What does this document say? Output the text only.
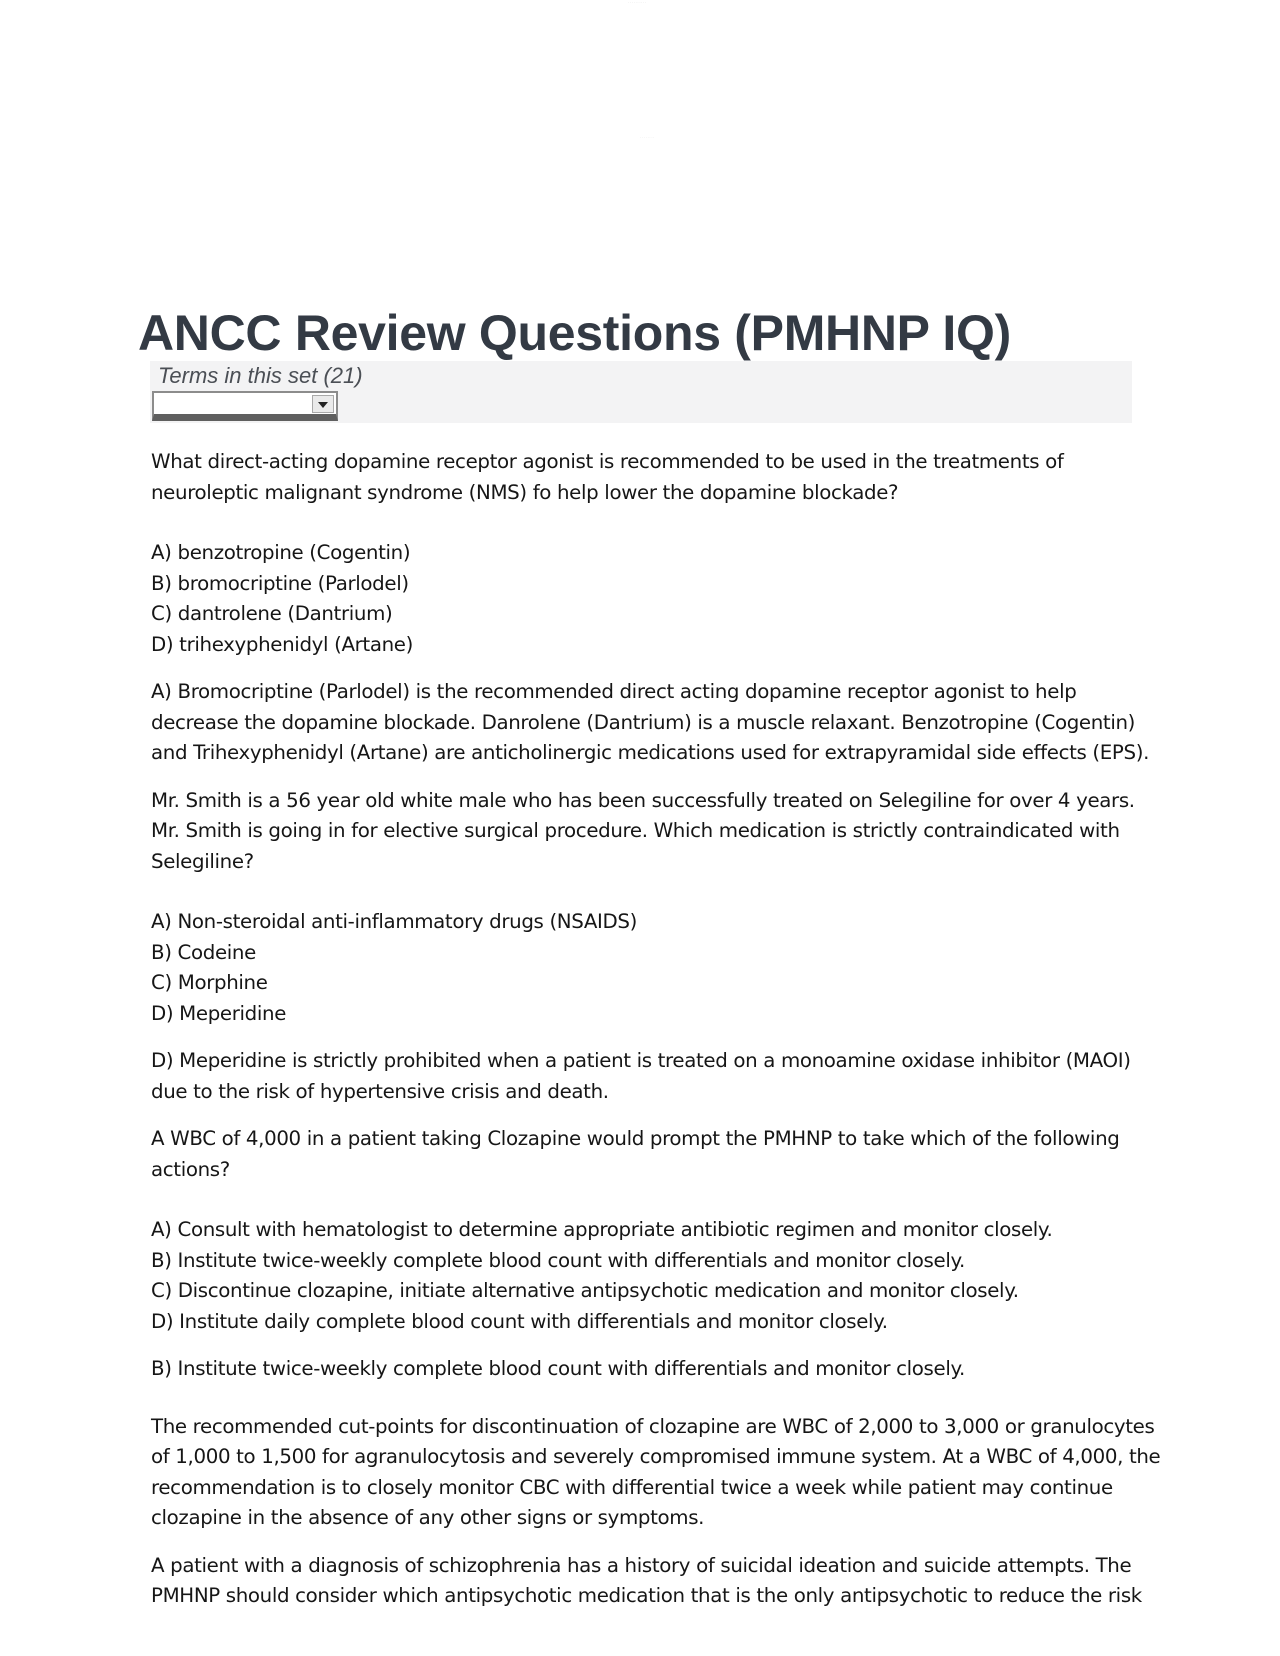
· · · · · · · · · ·
· · · · · · · ·
ANCC Review Questions (PMHNP IQ)
Terms in this set (21)
What direct-acting dopamine receptor agonist is recommended to be used in the treatments of
neuroleptic malignant syndrome (NMS) fo help lower the dopamine blockade?
A) benzotropine (Cogentin)
B) bromocriptine (Parlodel)
C) dantrolene (Dantrium)
D) trihexyphenidyl (Artane)
A) Bromocriptine (Parlodel) is the recommended direct acting dopamine receptor agonist to help
decrease the dopamine blockade. Danrolene (Dantrium) is a muscle relaxant. Benzotropine (Cogentin)
and Trihexyphenidyl (Artane) are anticholinergic medications used for extrapyramidal side effects (EPS).
Mr. Smith is a 56 year old white male who has been successfully treated on Selegiline for over 4 years.
Mr. Smith is going in for elective surgical procedure. Which medication is strictly contraindicated with
Selegiline?
A) Non-steroidal anti-inflammatory drugs (NSAIDS)
B) Codeine
C) Morphine
D) Meperidine
D) Meperidine is strictly prohibited when a patient is treated on a monoamine oxidase inhibitor (MAOI)
due to the risk of hypertensive crisis and death.
A WBC of 4,000 in a patient taking Clozapine would prompt the PMHNP to take which of the following
actions?
A) Consult with hematologist to determine appropriate antibiotic regimen and monitor closely.
B) Institute twice-weekly complete blood count with differentials and monitor closely.
C) Discontinue clozapine, initiate alternative antipsychotic medication and monitor closely.
D) Institute daily complete blood count with differentials and monitor closely.
B) Institute twice-weekly complete blood count with differentials and monitor closely.
The recommended cut-points for discontinuation of clozapine are WBC of 2,000 to 3,000 or granulocytes
of 1,000 to 1,500 for agranulocytosis and severely compromised immune system. At a WBC of 4,000, the
recommendation is to closely monitor CBC with differential twice a week while patient may continue
clozapine in the absence of any other signs or symptoms.
A patient with a diagnosis of schizophrenia has a history of suicidal ideation and suicide attempts. The
PMHNP should consider which antipsychotic medication that is the only antipsychotic to reduce the risk
